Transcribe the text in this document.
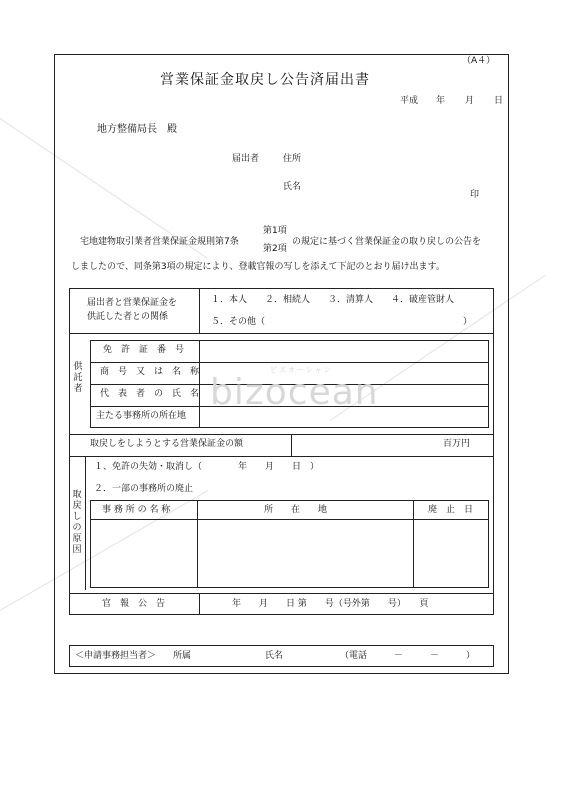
（A４）
営業保証金取戻し公告済届出書
平成 年 月 日
地方整備局長　殿
届出者	住所
氏名
印
宅地建物取引業者営業保証金規則第7条
第1項
第2項
の規定に基づく営業保証金の取り戻しの公告を
しましたので、同条第3項の規定により、登載官報の写しを添えて下記のとおり届け出ます。
届出者と営業保証金を
供託した者との関係
１．本人　　２．相続人　　３．清算人　　４．破産管財人
５．その他（　　　　　　　　　　　　　　　　　　　　　　）
供託者
免　許　証　番　号
商　号　又　は　名　称
代　表　者　の　氏　名
主たる事務所の所在地
取戻しをしようとする営業保証金の額	百万円
取戻しの原因
１、免許の失効・取消し（　　　　年　　月　　日　）
２．一部の事務所の廃止
事 務 所 の 名 称	所　　在　　地	廃　止　日
官　報　公　告	年　　月　　日 第　　号（号外第　　号）　　頁
＜申請事務担当者＞ 所属	氏名	（電話　　　－　　　－　　　）
bizocean
ビズオーシャン
